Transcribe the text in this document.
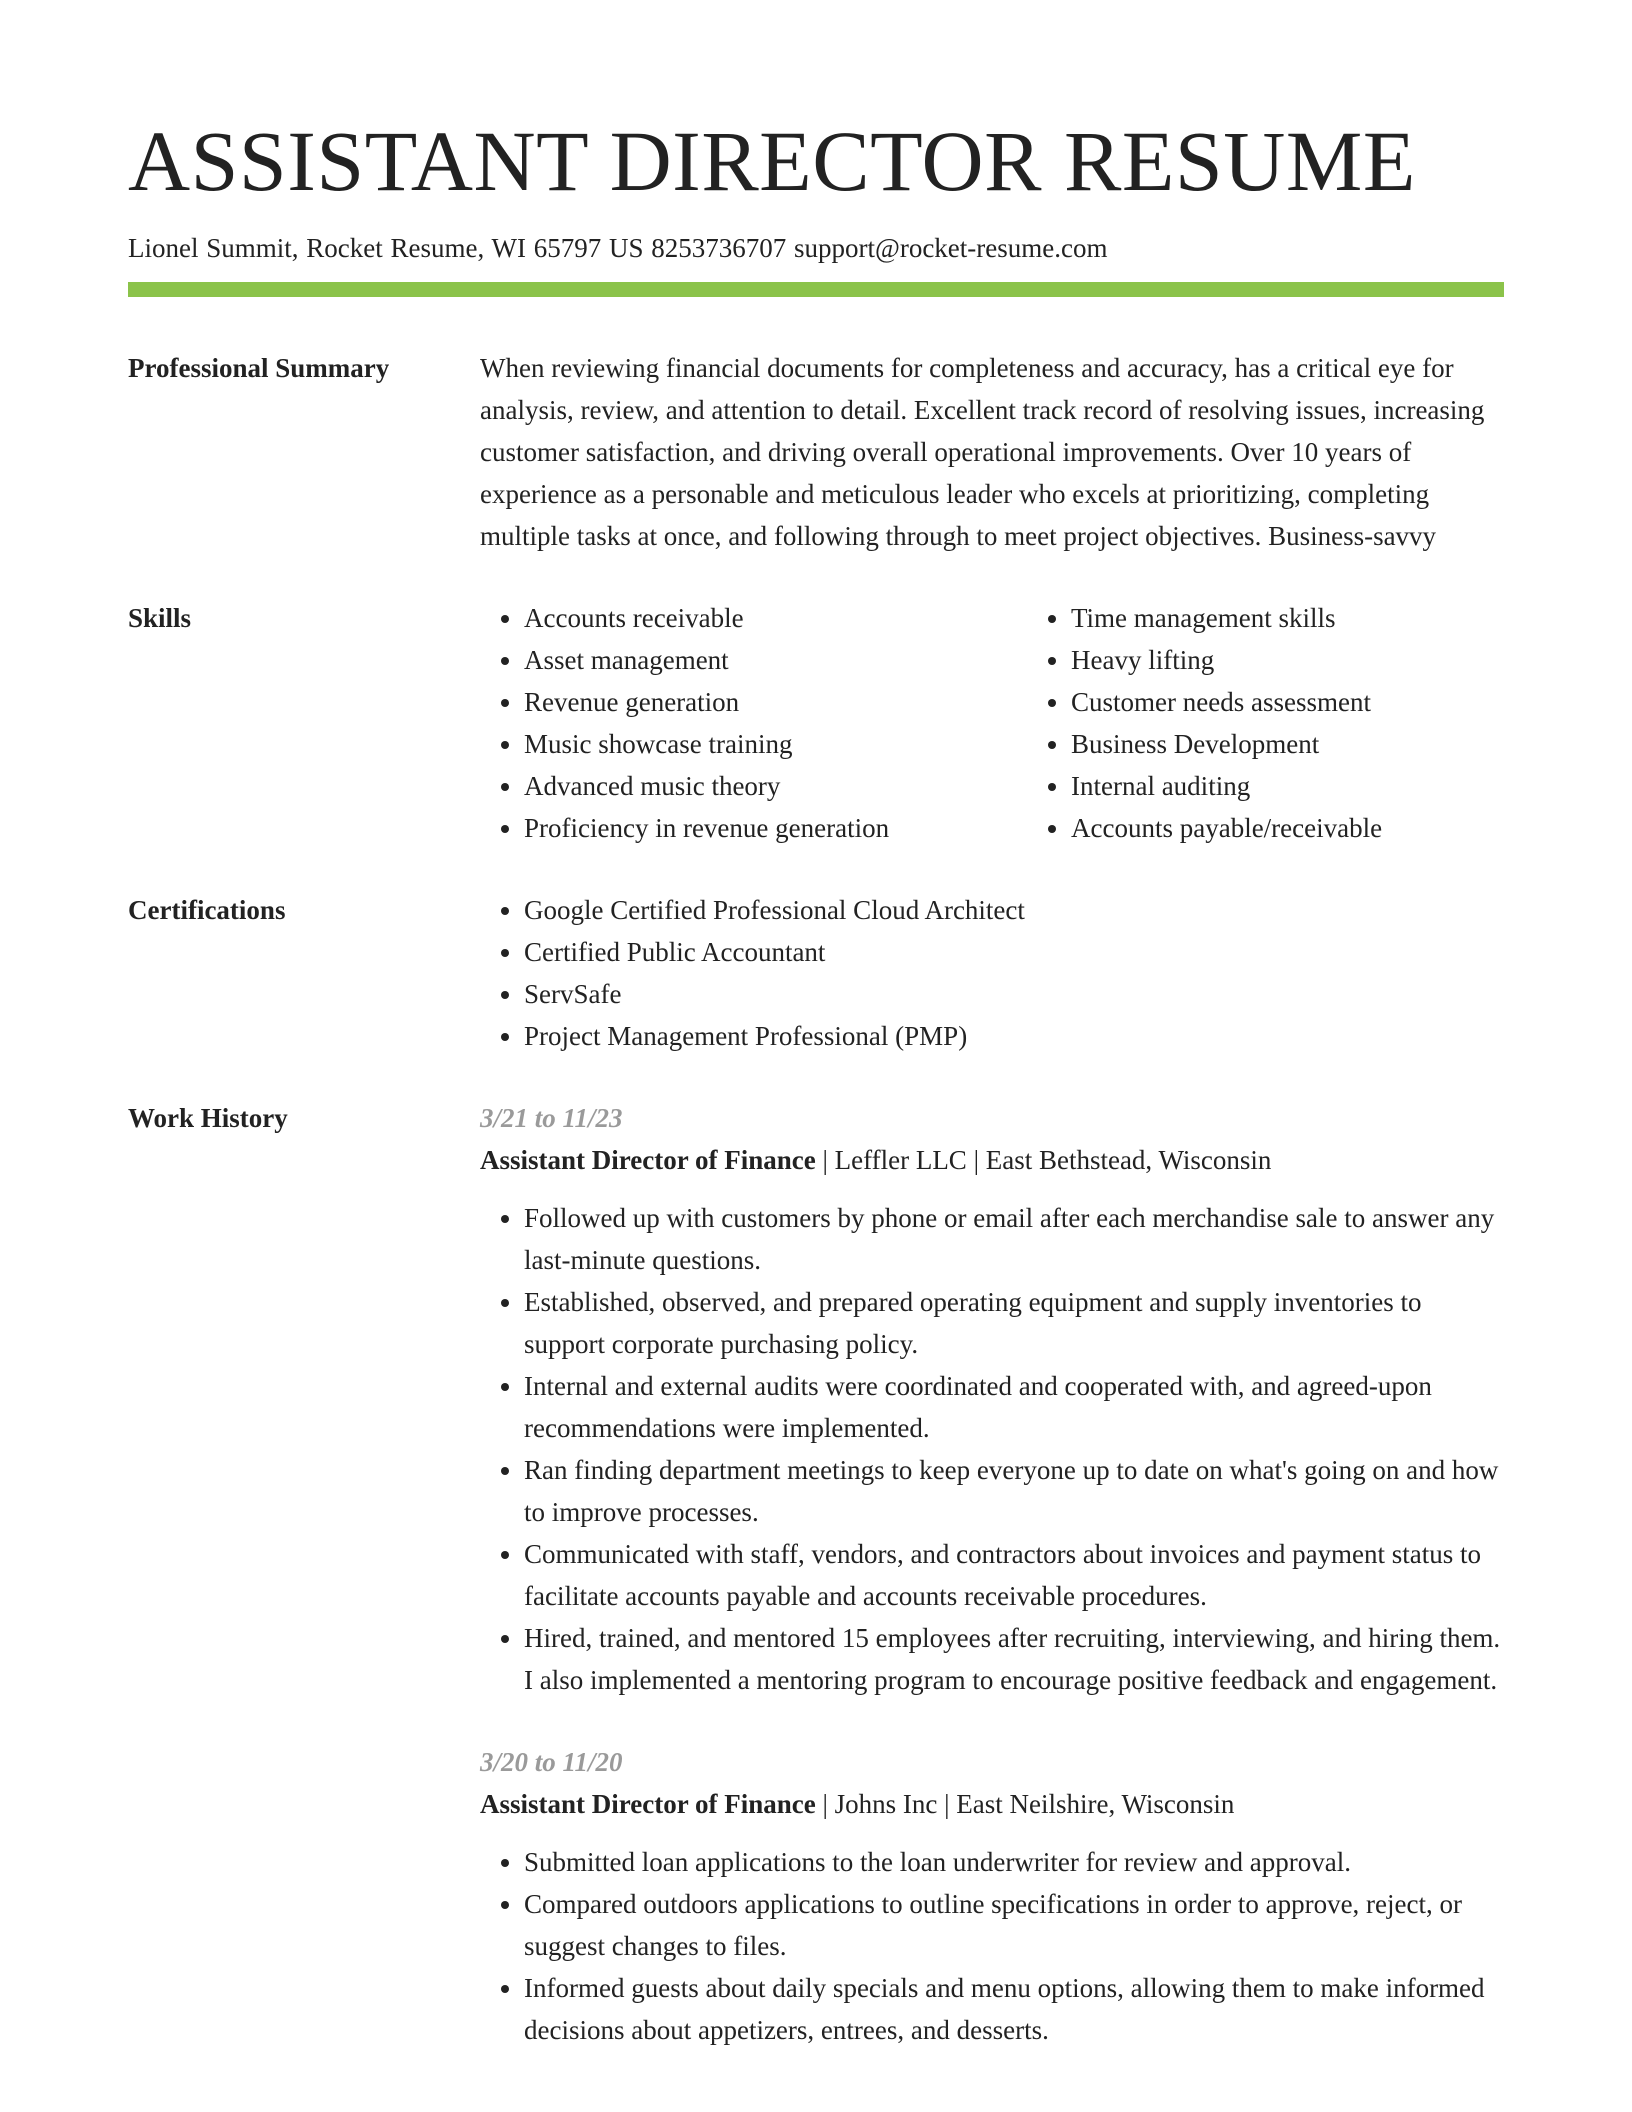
ASSISTANT DIRECTOR RESUME
Lionel Summit, Rocket Resume, WI 65797 US 8253736707 support@rocket-resume.com
Professional Summary	When reviewing financial documents for completeness and accuracy, has a critical eye for analysis, review, and attention to detail. Excellent track record of resolving issues, increasing customer satisfaction, and driving overall operational improvements. Over 10 years of experience as a personable and meticulous leader who excels at prioritizing, completing multiple tasks at once, and following through to meet project objectives. Business-savvy

Skills	• Accounts receivable
• Asset management
• Revenue generation
• Music showcase training
• Advanced music theory
• Proficiency in revenue generation
• Time management skills
• Heavy lifting
• Customer needs assessment
• Business Development
• Internal auditing
• Accounts payable/receivable
Certifications	• Google Certified Professional Cloud Architect
• Certified Public Accountant
• ServSafe
• Project Management Professional (PMP)
Work History	3/21 to 11/23
Assistant Director of Finance | Leffler LLC | East Bethstead, Wisconsin
• Followed up with customers by phone or email after each merchandise sale to answer any last-minute questions.
• Established, observed, and prepared operating equipment and supply inventories to support corporate purchasing policy.
• Internal and external audits were coordinated and cooperated with, and agreed-upon recommendations were implemented.
• Ran finding department meetings to keep everyone up to date on what's going on and how to improve processes.
• Communicated with staff, vendors, and contractors about invoices and payment status to facilitate accounts payable and accounts receivable procedures.
• Hired, trained, and mentored 15 employees after recruiting, interviewing, and hiring them. I also implemented a mentoring program to encourage positive feedback and engagement.
3/20 to 11/20
Assistant Director of Finance | Johns Inc | East Neilshire, Wisconsin
• Submitted loan applications to the loan underwriter for review and approval.
• Compared outdoors applications to outline specifications in order to approve, reject, or suggest changes to files.
• Informed guests about daily specials and menu options, allowing them to make informed decisions about appetizers, entrees, and desserts.
